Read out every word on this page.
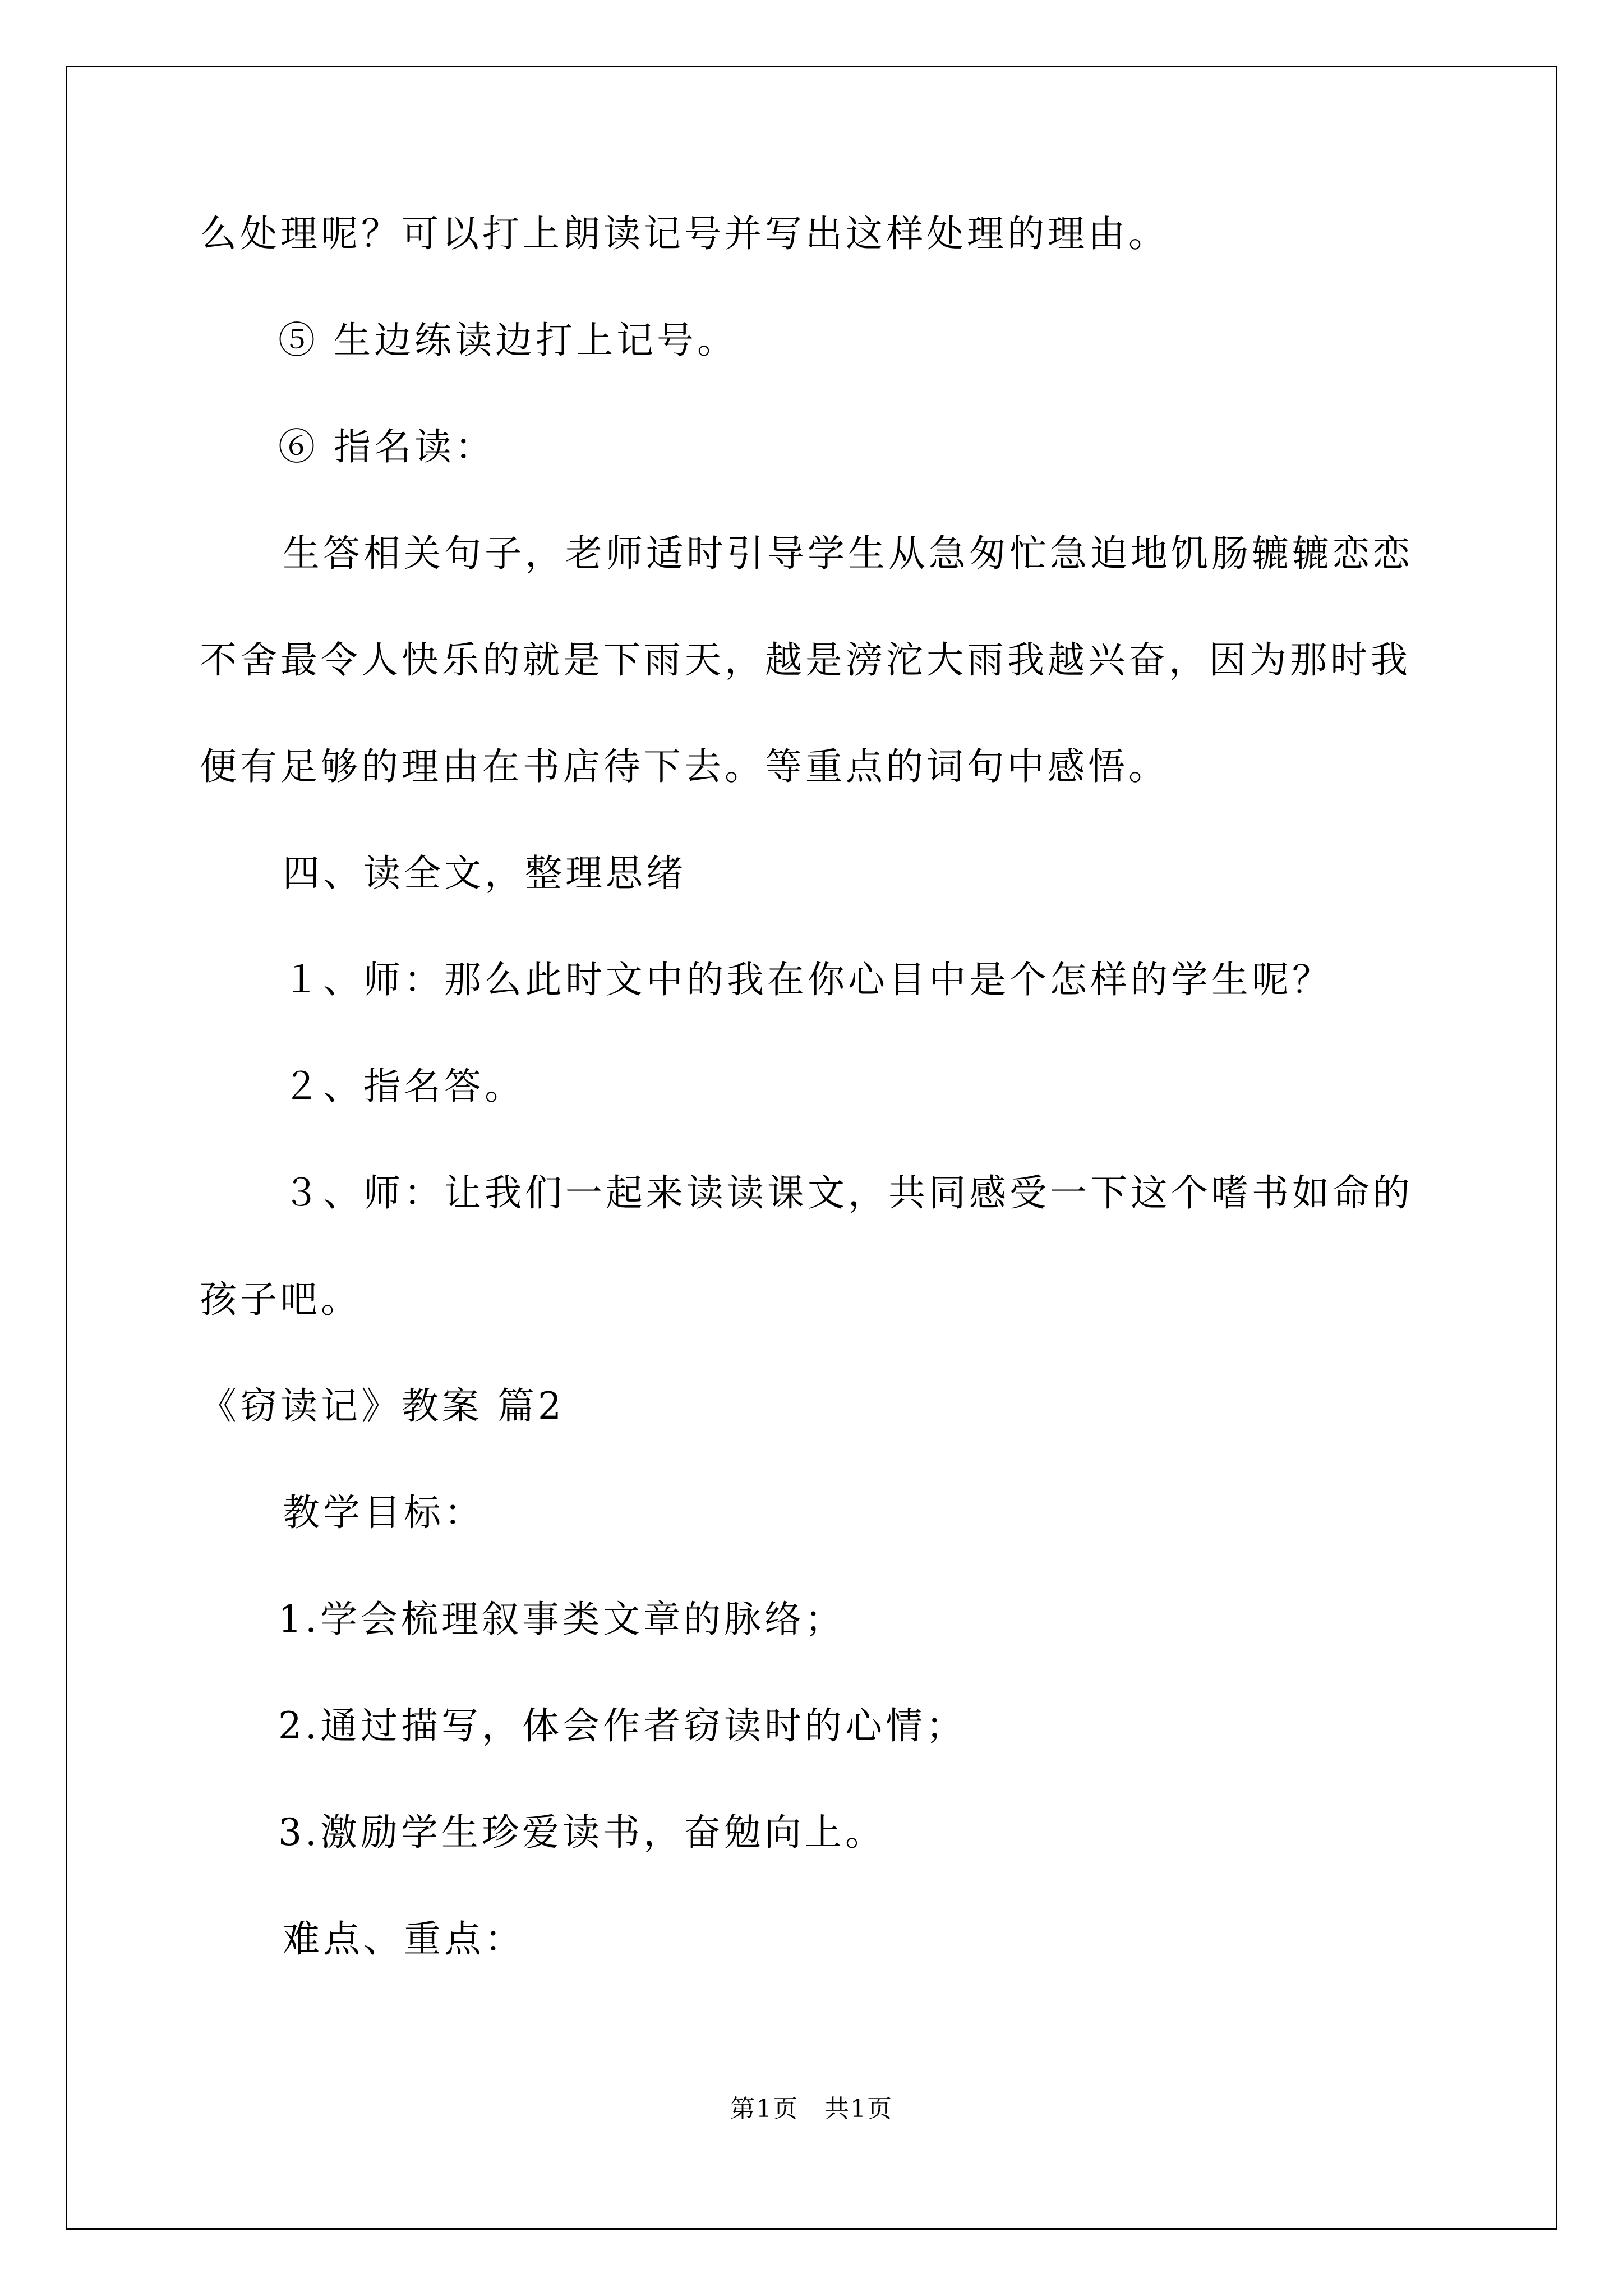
么处理呢？可以打上朗读记号并写出这样处理的理由。
⑤ 生边练读边打上记号。
⑥ 指名读：
生答相关句子，老师适时引导学生从急匆忙急迫地饥肠辘辘恋恋
不舍最令人快乐的就是下雨天，越是滂沱大雨我越兴奋，因为那时我
便有足够的理由在书店待下去。等重点的词句中感悟。
四、读全文，整理思绪
１、师：那么此时文中的我在你心目中是个怎样的学生呢？
２、指名答。
３、师：让我们一起来读读课文，共同感受一下这个嗜书如命的
孩子吧。
《窃读记》教案 篇2
教学目标：
1.学会梳理叙事类文章的脉络；
2.通过描写，体会作者窃读时的心情；
3.激励学生珍爱读书，奋勉向上。
难点、重点：
第1页　共1页
